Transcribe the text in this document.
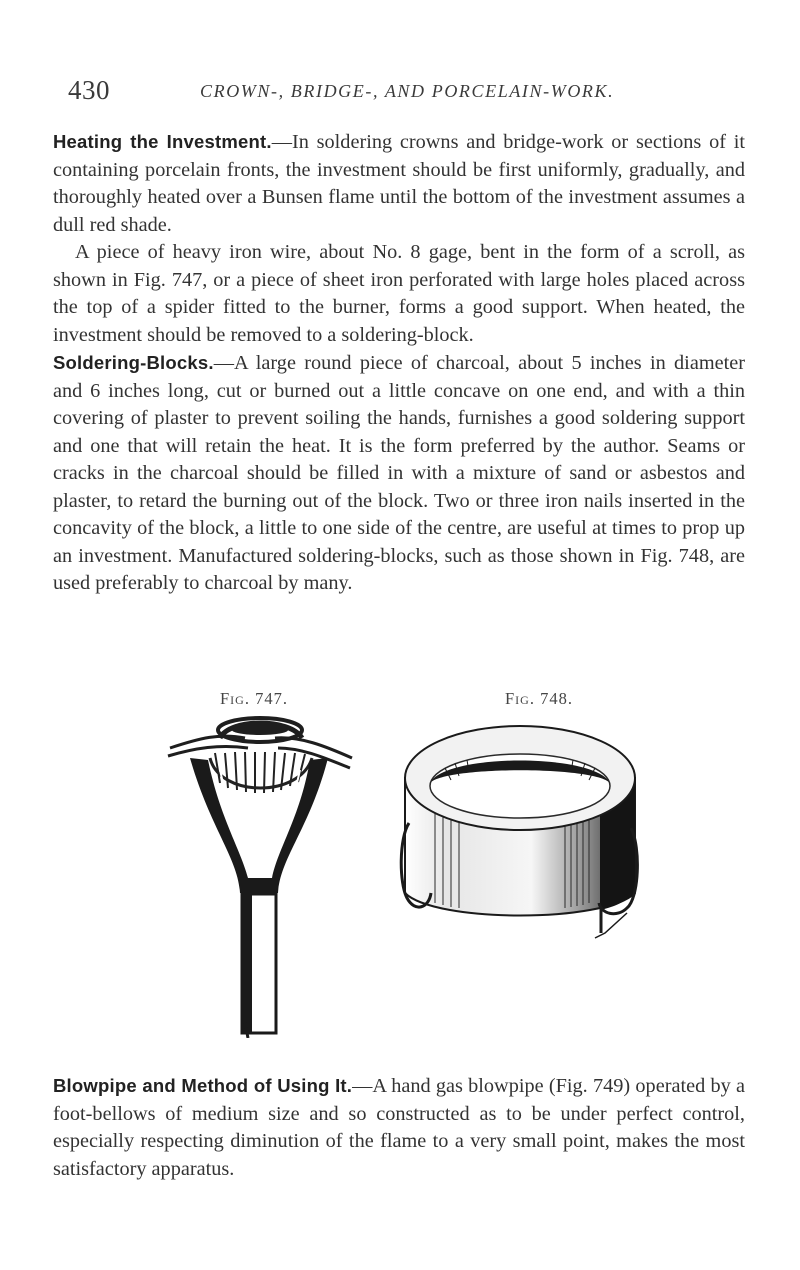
430	CROWN-, BRIDGE-, AND PORCELAIN-WORK.

Heating the Investment.—In soldering crowns and bridge-work or sections of it containing porcelain fronts, the investment should be first uniformly, gradually, and thoroughly heated over a Bunsen flame until the bottom of the investment assumes a dull red shade.

A piece of heavy iron wire, about No. 8 gage, bent in the form of a scroll, as shown in Fig. 747, or a piece of sheet iron perforated with large holes placed across the top of a spider fitted to the burner, forms a good support. When heated, the investment should be removed to a soldering-block.

Soldering-Blocks.—A large round piece of charcoal, about 5 inches in diameter and 6 inches long, cut or burned out a little concave on one end, and with a thin covering of plaster to prevent soiling the hands, furnishes a good soldering support and one that will retain the heat. It is the form preferred by the author. Seams or cracks in the charcoal should be filled in with a mixture of sand or asbestos and plaster, to retard the burning out of the block. Two or three iron nails inserted in the concavity of the block, a little to one side of the centre, are useful at times to prop up an investment. Manufactured soldering-blocks, such as those shown in Fig. 748, are used preferably to charcoal by many.

Fig. 747.	Fig. 748.

Blowpipe and Method of Using It.—A hand gas blowpipe (Fig. 749) operated by a foot-bellows of medium size and so constructed as to be under perfect control, especially respecting diminution of the flame to a very small point, makes the most satisfactory apparatus.
